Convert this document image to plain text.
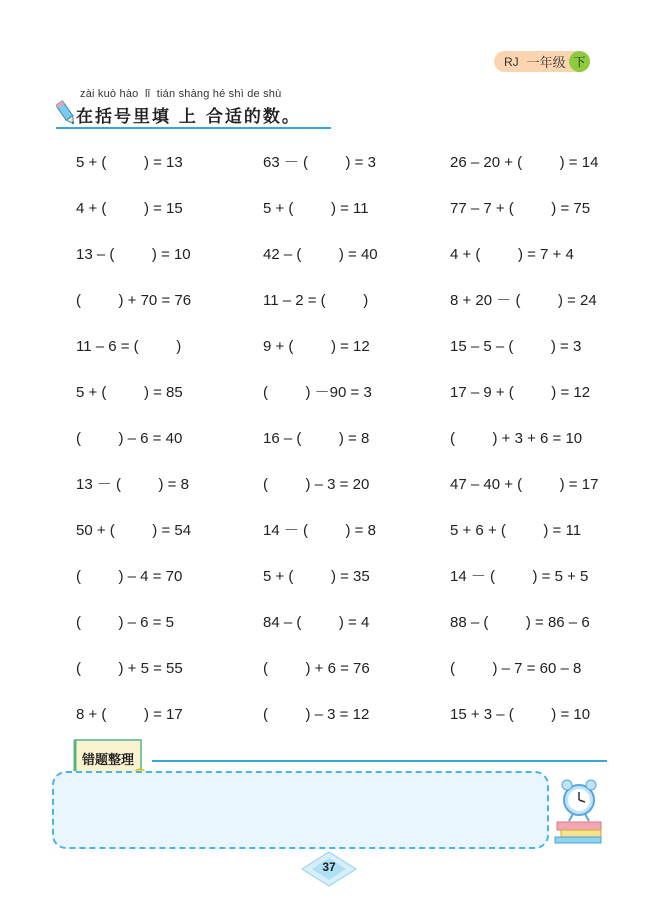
RJ 一年级 下
zài kuò hào  lǐ  tián shàng hé shì de shù
在括号里填 上 合适的数。
5 + (         ) = 13	63 － (         ) = 3	26 – 20 + (         ) = 14
4 + (         ) = 15	5 + (         ) = 11	77 – 7 + (         ) = 75
13 – (         ) = 10	42 – (         ) = 40	4 + (         ) = 7 + 4
(         ) + 70 = 76	11 – 2 = (         )	8 + 20 － (         ) = 24
11 – 6 = (         )	9 + (         ) = 12	15 – 5 – (         ) = 3
5 + (         ) = 85	(         ) －90 = 3	17 – 9 + (         ) = 12
(         ) – 6 = 40	16 – (         ) = 8	(         ) + 3 + 6 = 10
13 － (         ) = 8	(         ) – 3 = 20	47 – 40 + (         ) = 17
50 + (         ) = 54	14 － (         ) = 8	5 + 6 + (         ) = 11
(         ) – 4 = 70	5 + (         ) = 35	14 － (         ) = 5 + 5
(         ) – 6 = 5	84 – (         ) = 4	88 – (         ) = 86 – 6
(         ) + 5 = 55	(         ) + 6 = 76	(         ) – 7 = 60 – 8
8 + (         ) = 17	(         ) – 3 = 12	15 + 3 – (         ) = 10
错题整理
37
